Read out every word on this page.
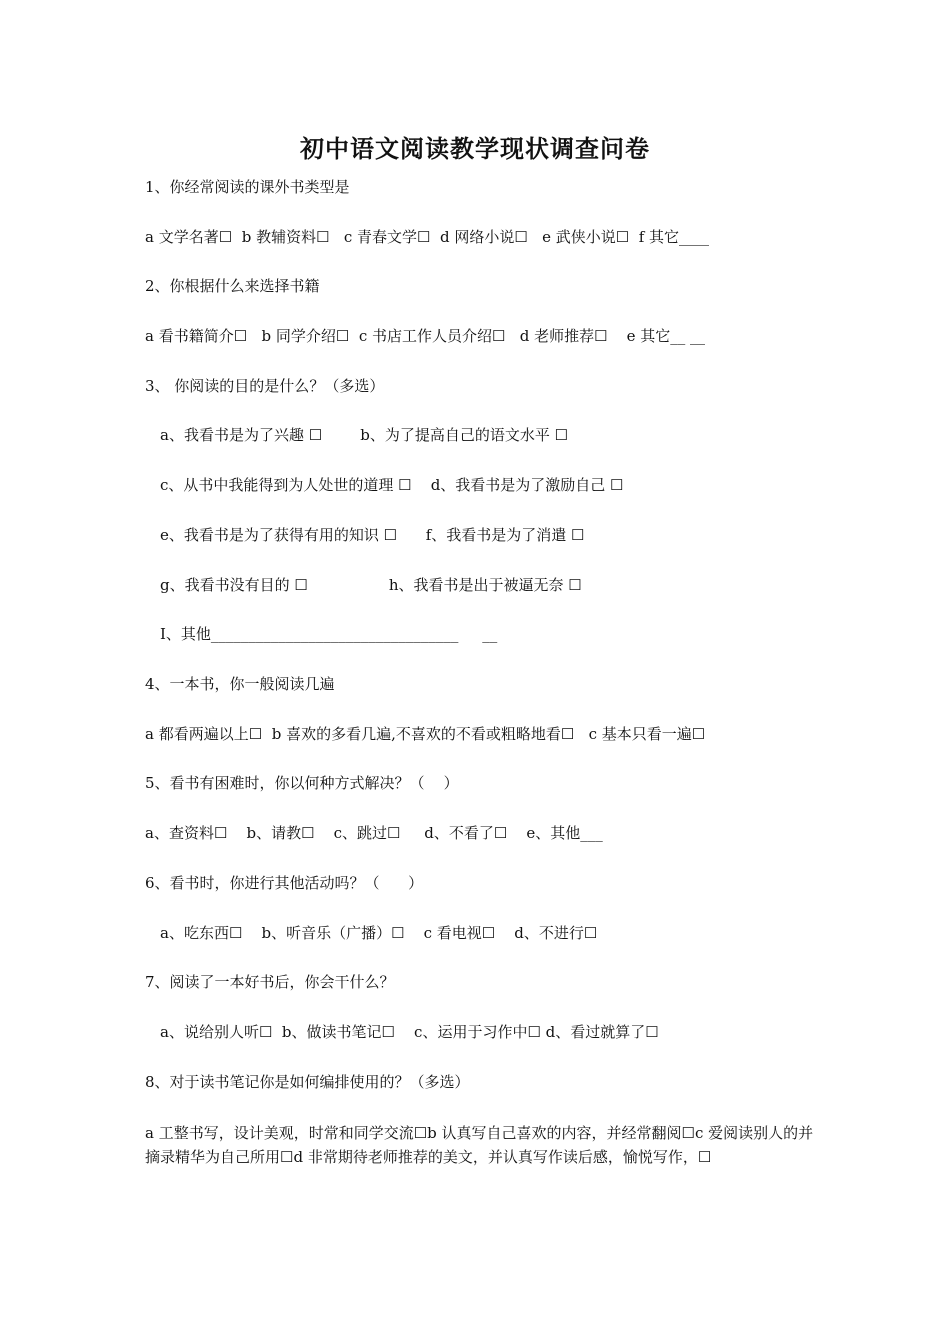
初中语文阅读教学现状调查问卷
1、你经常阅读的课外书类型是
a 文学名著☐  b 教辅资料☐   c 青春文学☐  d 网络小说☐   e 武侠小说☐  f 其它____
2、你根据什么来选择书籍
a 看书籍简介☐   b 同学介绍☐  c 书店工作人员介绍☐   d 老师推荐☐    e 其它__ __
3、 你阅读的目的是什么？（多选）
a、我看书是为了兴趣 ☐        b、为了提高自己的语文水平 ☐
c、从书中我能得到为人处世的道理 ☐    d、我看书是为了激励自己 ☐
e、我看书是为了获得有用的知识 ☐      f、我看书是为了消遣 ☐
g、我看书没有目的 ☐                 h、我看书是出于被逼无奈 ☐
I、其他_________________________________     __
4、一本书，你一般阅读几遍
a 都看两遍以上☐  b 喜欢的多看几遍,不喜欢的不看或粗略地看☐   c 基本只看一遍☐
5、看书有困难时，你以何种方式解决？（    ）
a、查资料☐    b、请教☐    c、跳过☐     d、不看了☐    e、其他___
6、看书时，你进行其他活动吗？（      ）
a、吃东西☐    b、听音乐（广播）☐    c 看电视☐    d、不进行☐
7、阅读了一本好书后，你会干什么？
a、说给别人听☐  b、做读书笔记☐    c、运用于习作中☐ d、看过就算了☐
8、对于读书笔记你是如何编排使用的？（多选）
a 工整书写，设计美观，时常和同学交流☐b 认真写自己喜欢的内容，并经常翻阅☐c 爱阅读别人的并摘录精华为自己所用☐d 非常期待老师推荐的美文，并认真写作读后感，愉悦写作，☐
